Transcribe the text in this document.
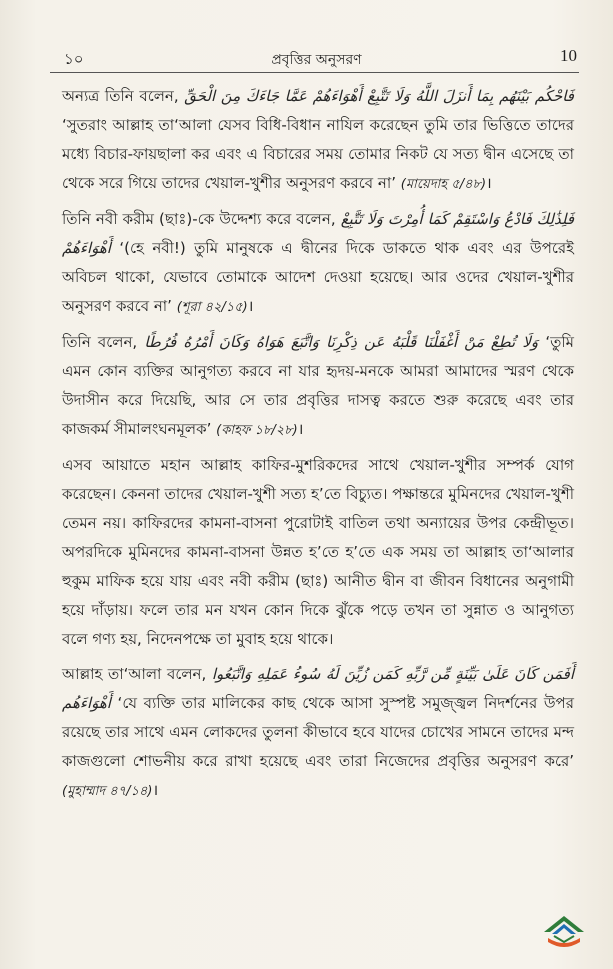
১০	প্রবৃত্তির অনুসরণ	10

অন্যত্র তিনি বলেন, فَاحْكُم بَيْنَهُم بِمَا أَنزَلَ اللَّهُ وَلَا تَتَّبِعْ أَهْوَاءَهُمْ عَمَّا جَاءَكَ مِنَ الْحَقِّ ‘সুতরাং আল্লাহ তা‘আলা যেসব বিধি-বিধান নাযিল করেছেন তুমি তার ভিত্তিতে তাদের মধ্যে বিচার-ফায়ছালা কর এবং এ বিচারের সময় তোমার নিকট যে সত্য দ্বীন এসেছে তা থেকে সরে গিয়ে তাদের খেয়াল-খুশীর অনুসরণ করবে না’ (মায়েদাহ ৫/৪৮)।

তিনি নবী করীম (ছাঃ)-কে উদ্দেশ্য করে বলেন, فَلِذَٰلِكَ فَادْعُ وَاسْتَقِمْ كَمَا أُمِرْتَ وَلَا تَتَّبِعْ أَهْوَاءَهُمْ ‘(হে নবী!) তুমি মানুষকে এ দ্বীনের দিকে ডাকতে থাক এবং এর উপরেই অবিচল থাকো, যেভাবে তোমাকে আদেশ দেওয়া হয়েছে। আর ওদের খেয়াল-খুশীর অনুসরণ করবে না’ (শূরা ৪২/১৫)।

তিনি বলেন, وَلَا تُطِعْ مَنْ أَغْفَلْنَا قَلْبَهُ عَن ذِكْرِنَا وَاتَّبَعَ هَوَاهُ وَكَانَ أَمْرُهُ فُرُطًا ‘তুমি এমন কোন ব্যক্তির আনুগত্য করবে না যার হৃদয়-মনকে আমরা আমাদের স্মরণ থেকে উদাসীন করে দিয়েছি, আর সে তার প্রবৃত্তির দাসত্ব করতে শুরু করেছে এবং তার কাজকর্ম সীমালংঘনমূলক’ (কাহফ ১৮/২৮)।

এসব আয়াতে মহান আল্লাহ কাফির-মুশরিকদের সাথে খেয়াল-খুশীর সম্পর্ক যোগ করেছেন। কেননা তাদের খেয়াল-খুশী সত্য হ’তে বিচ্যুত। পক্ষান্তরে মুমিনদের খেয়াল-খুশী তেমন নয়। কাফিরদের কামনা-বাসনা পুরোটাই বাতিল তথা অন্যায়ের উপর কেন্দ্রীভূত। অপরদিকে মুমিনদের কামনা-বাসনা উন্নত হ’তে হ’তে এক সময় তা আল্লাহ তা‘আলার হুকুম মাফিক হয়ে যায় এবং নবী করীম (ছাঃ) আনীত দ্বীন বা জীবন বিধানের অনুগামী হয়ে দাঁড়ায়। ফলে তার মন যখন কোন দিকে ঝুঁকে পড়ে তখন তা সুন্নাত ও আনুগত্য বলে গণ্য হয়, নিদেনপক্ষে তা মুবাহ হয়ে থাকে।

আল্লাহ তা‘আলা বলেন, أَفَمَن كَانَ عَلَىٰ بَيِّنَةٍ مِّن رَّبِّهِ كَمَن زُيِّنَ لَهُ سُوءُ عَمَلِهِ وَاتَّبَعُوا أَهْوَاءَهُم ‘যে ব্যক্তি তার মালিকের কাছ থেকে আসা সুস্পষ্ট সমুজ্জ্বল নিদর্শনের উপর রয়েছে তার সাথে এমন লোকদের তুলনা কীভাবে হবে যাদের চোখের সামনে তাদের মন্দ কাজগুলো শোভনীয় করে রাখা হয়েছে এবং তারা নিজেদের প্রবৃত্তির অনুসরণ করে’ (মুহাম্মাদ ৪৭/১৪)।
